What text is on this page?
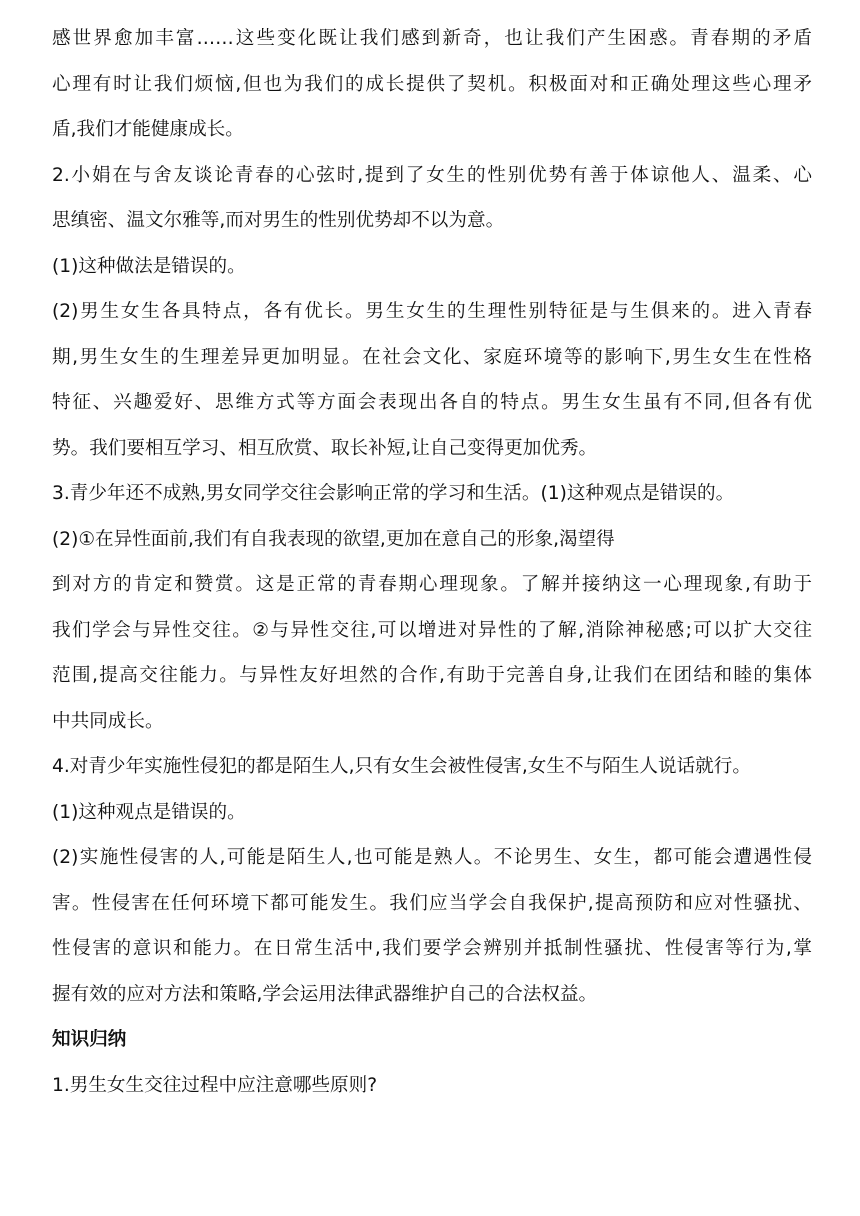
感世界愈加丰富……这些变化既让我们感到新奇，也让我们产生困惑。青春期的矛盾
心理有时让我们烦恼,但也为我们的成长提供了契机。积极面对和正确处理这些心理矛
盾,我们才能健康成长。
2.小娟在与舍友谈论青春的心弦时,提到了女生的性别优势有善于体谅他人、温柔、心
思缜密、温文尔雅等,而对男生的性别优势却不以为意。
(1)这种做法是错误的。
(2)男生女生各具特点，各有优长。男生女生的生理性别特征是与生俱来的。进入青春
期,男生女生的生理差异更加明显。在社会文化、家庭环境等的影响下,男生女生在性格
特征、兴趣爱好、思维方式等方面会表现出各自的特点。男生女生虽有不同,但各有优
势。我们要相互学习、相互欣赏、取长补短,让自己变得更加优秀。
3.青少年还不成熟,男女同学交往会影响正常的学习和生活。(1)这种观点是错误的。
(2)①在异性面前,我们有自我表现的欲望,更加在意自己的形象,渴望得
到对方的肯定和赞赏。这是正常的青春期心理现象。了解并接纳这一心理现象,有助于
我们学会与异性交往。②与异性交往,可以增进对异性的了解,消除神秘感;可以扩大交往
范围,提高交往能力。与异性友好坦然的合作,有助于完善自身,让我们在团结和睦的集体
中共同成长。
4.对青少年实施性侵犯的都是陌生人,只有女生会被性侵害,女生不与陌生人说话就行。
(1)这种观点是错误的。
(2)实施性侵害的人,可能是陌生人,也可能是熟人。不论男生、女生，都可能会遭遇性侵
害。性侵害在任何环境下都可能发生。我们应当学会自我保护,提高预防和应对性骚扰、
性侵害的意识和能力。在日常生活中,我们要学会辨别并抵制性骚扰、性侵害等行为,掌
握有效的应对方法和策略,学会运用法律武器维护自己的合法权益。
知识归纳
1.男生女生交往过程中应注意哪些原则?
